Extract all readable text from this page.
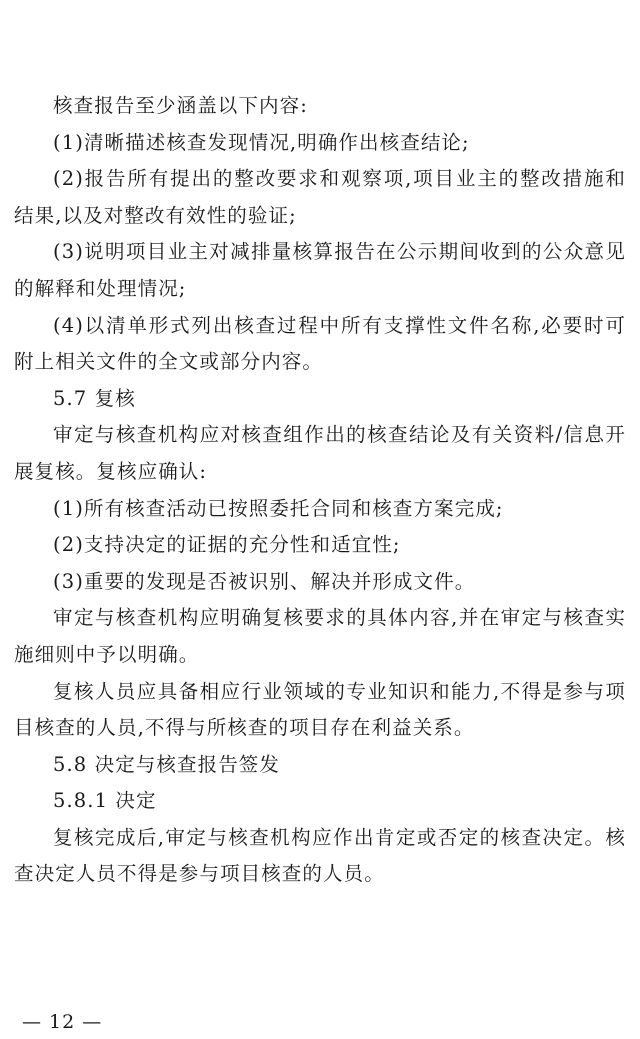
核查报告至少涵盖以下内容:

(1)清晰描述核查发现情况,明确作出核查结论;

(2)报告所有提出的整改要求和观察项,项目业主的整改措施和结果,以及对整改有效性的验证;

(3)说明项目业主对减排量核算报告在公示期间收到的公众意见的解释和处理情况;

(4)以清单形式列出核查过程中所有支撑性文件名称,必要时可附上相关文件的全文或部分内容。

5.7 复核

审定与核查机构应对核查组作出的核查结论及有关资料/信息开展复核。复核应确认:

(1)所有核查活动已按照委托合同和核查方案完成;

(2)支持决定的证据的充分性和适宜性;

(3)重要的发现是否被识别、解决并形成文件。

审定与核查机构应明确复核要求的具体内容,并在审定与核查实施细则中予以明确。

复核人员应具备相应行业领域的专业知识和能力,不得是参与项目核查的人员,不得与所核查的项目存在利益关系。

5.8 决定与核查报告签发

5.8.1 决定

复核完成后,审定与核查机构应作出肯定或否定的核查决定。核查决定人员不得是参与项目核查的人员。

— 12 —
